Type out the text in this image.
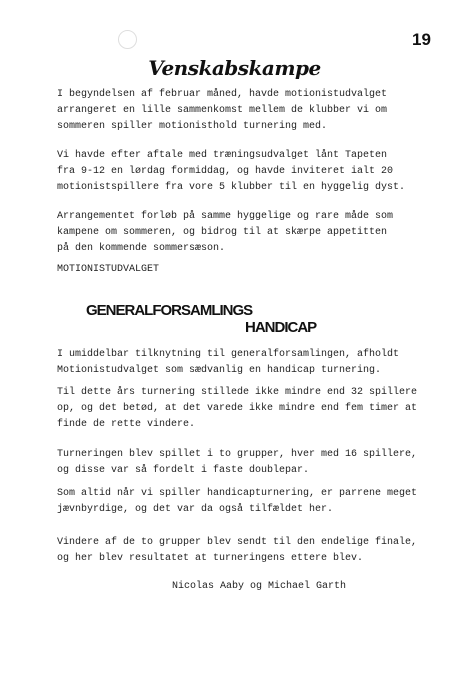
19
Venskabskampe

I begyndelsen af februar måned, havde motionistudvalget
arrangeret en lille sammenkomst mellem de klubber vi om
sommeren spiller motionisthold turnering med.

Vi havde efter aftale med træningsudvalget lånt Tapeten
fra 9-12 en lørdag formiddag, og havde inviteret ialt 20
motionistspillere fra vore 5 klubber til en hyggelig dyst.

Arrangementet forløb på samme hyggelige og rare måde som
kampene om sommeren, og bidrog til at skærpe appetitten
på den kommende sommersæson.

MOTIONISTUDVALGET

GENERALFORSAMLINGS
HANDICAP

I umiddelbar tilknytning til generalforsamlingen, afholdt
Motionistudvalget som sædvanlig en handicap turnering.

Til dette års turnering stillede ikke mindre end 32 spillere
op, og det betød, at det varede ikke mindre end fem timer at
finde de rette vindere.

Turneringen blev spillet i to grupper, hver med 16 spillere,
og disse var så fordelt i faste doublepar.

Som altid når vi spiller handicapturnering, er parrene meget
jævnbyrdige, og det var da også tilfældet her.

Vindere af de to grupper blev sendt til den endelige finale,
og her blev resultatet at turneringens ettere blev.

Nicolas Aaby og Michael Garth
